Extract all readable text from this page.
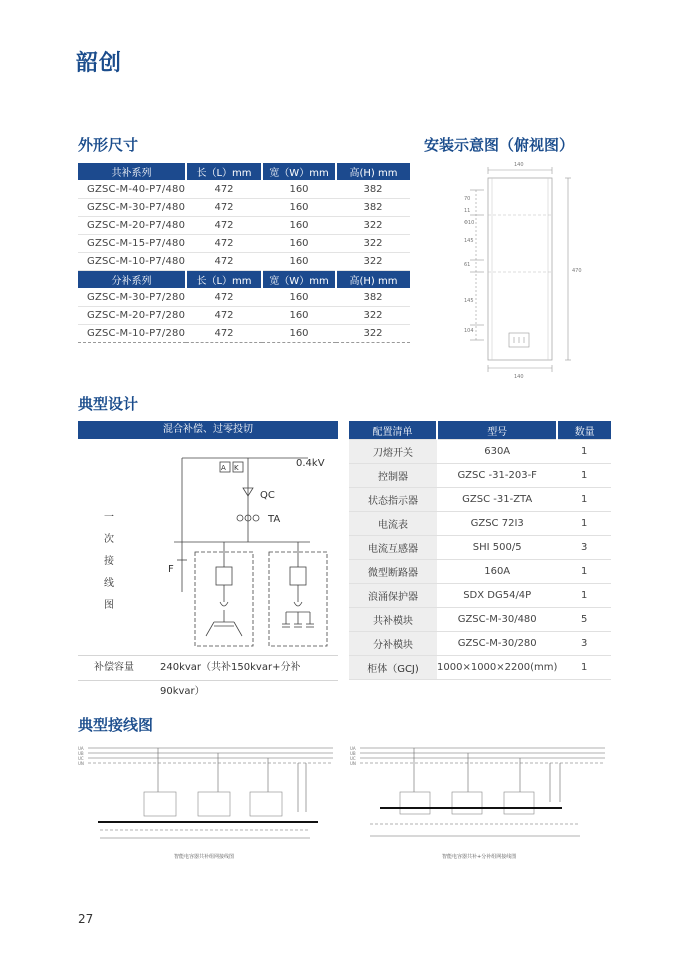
韶创
外形尺寸	安装示意图（俯视图）
共补系列	长（L）mm	宽（W）mm	高(H) mm
GZSC-M-40-P7/480	472	160	382
GZSC-M-30-P7/480	472	160	382
GZSC-M-20-P7/480	472	160	322
GZSC-M-15-P7/480	472	160	322
GZSC-M-10-P7/480	472	160	322
分补系列	长（L）mm	宽（W）mm	高(H) mm
GZSC-M-30-P7/280	472	160	382
GZSC-M-20-P7/280	472	160	322
GZSC-M-10-P7/280	472	160	322
140
140
470
70
11
Φ10
145
61
145
104
典型设计
混合补偿、过零投切
一
次
接
线
图
A K	0.4kV
QC
TA
F
补偿容量	240kvar（共补150kvar+分补90kvar）
配置清单	型号	数量
刀熔开关	630A	1
控制器	GZSC -31-203-F	1
状态指示器	GZSC -31-ZTA	1
电流表	GZSC 72I3	1
电流互感器	SHI 500/5	3
微型断路器	160A	1
浪涌保护器	SDX DG54/4P	1
共补模块	GZSC-M-30/480	5
分补模块	GZSC-M-30/280	3
柜体（GCJ)	1000×1000×2200(mm)	1
典型接线图
UA
UB
UC
UN
智能电容器共补组网接线图
UA
UB
UC
UN
智能电容器共补+分补组网接线图
27
